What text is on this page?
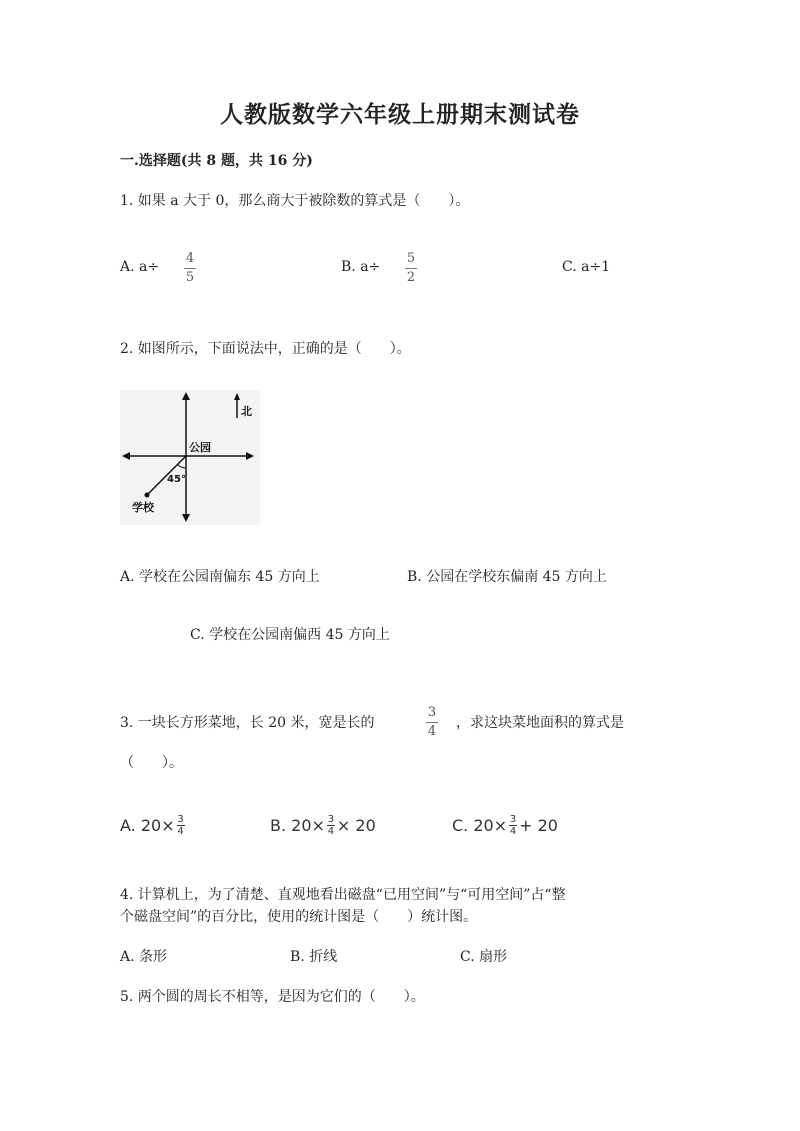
人教版数学六年级上册期末测试卷
一.选择题(共 8 题，共 16 分)
1. 如果 a 大于 0，那么商大于被除数的算式是（　　）。
A. a÷
4
5
B. a÷
5
2
C. a÷1
2. 如图所示，下面说法中，正确的是（　　）。
北
公园
45°
学校
A. 学校在公园南偏东 45 方向上	B. 公园在学校东偏南 45 方向上
C. 学校在公园南偏西 45 方向上
3. 一块长方形菜地，长 20 米，宽是长的
3
4
，求这块菜地面积的算式是
（　　）。
A. $20\times \frac{3}{4}$	B. $20\times \frac{3}{4} \times 20$	C. $20\times \frac{3}{4} + 20$
4. 计算机上，为了清楚、直观地看出磁盘“已用空间”与“可用空间”占“整
个磁盘空间”的百分比，使用的统计图是（　　）统计图。
A. 条形	B. 折线	C. 扇形
5. 两个圆的周长不相等，是因为它们的（　　）。
